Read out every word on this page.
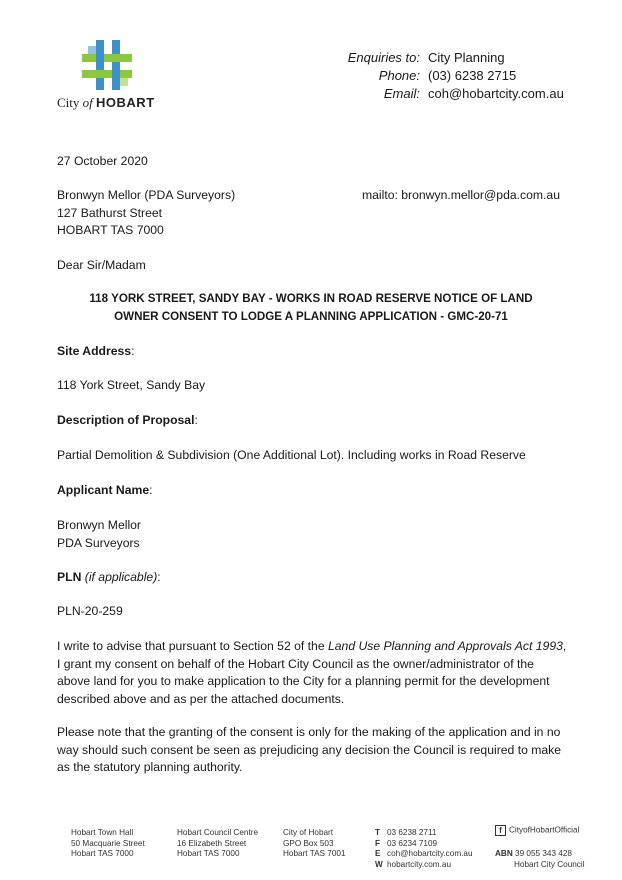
City of HOBART
Enquiries to:
Phone:
Email:
City Planning
(03) 6238 2715
coh@hobartcity.com.au
27 October 2020
Bronwyn Mellor (PDA Surveyors)
127 Bathurst Street
HOBART TAS 7000
mailto: bronwyn.mellor@pda.com.au
Dear Sir/Madam
118 YORK STREET, SANDY BAY - WORKS IN ROAD RESERVE NOTICE OF LAND
OWNER CONSENT TO LODGE A PLANNING APPLICATION - GMC-20-71
Site Address:
118 York Street, Sandy Bay
Description of Proposal:
Partial Demolition & Subdivision (One Additional Lot). Including works in Road Reserve
Applicant Name:
Bronwyn Mellor
PDA Surveyors
PLN (if applicable):
PLN-20-259
I write to advise that pursuant to Section 52 of the Land Use Planning and Approvals Act 1993, I grant my consent on behalf of the Hobart City Council as the owner/administrator of the above land for you to make application to the City for a planning permit for the development described above and as per the attached documents.
Please note that the granting of the consent is only for the making of the application and in no way should such consent be seen as prejudicing any decision the Council is required to make as the statutory planning authority.
Hobart Town Hall
50 Macquarie Street
Hobart TAS 7000
Hobart Council Centre
16 Elizabeth Street
Hobart TAS 7000
City of Hobart
GPO Box 503
Hobart TAS 7001
T 03 6238 2711
F 03 6234 7109
E coh@hobartcity.com.au
W hobartcity.com.au
f CityofHobartOfficial
ABN 39 055 343 428
Hobart City Council
